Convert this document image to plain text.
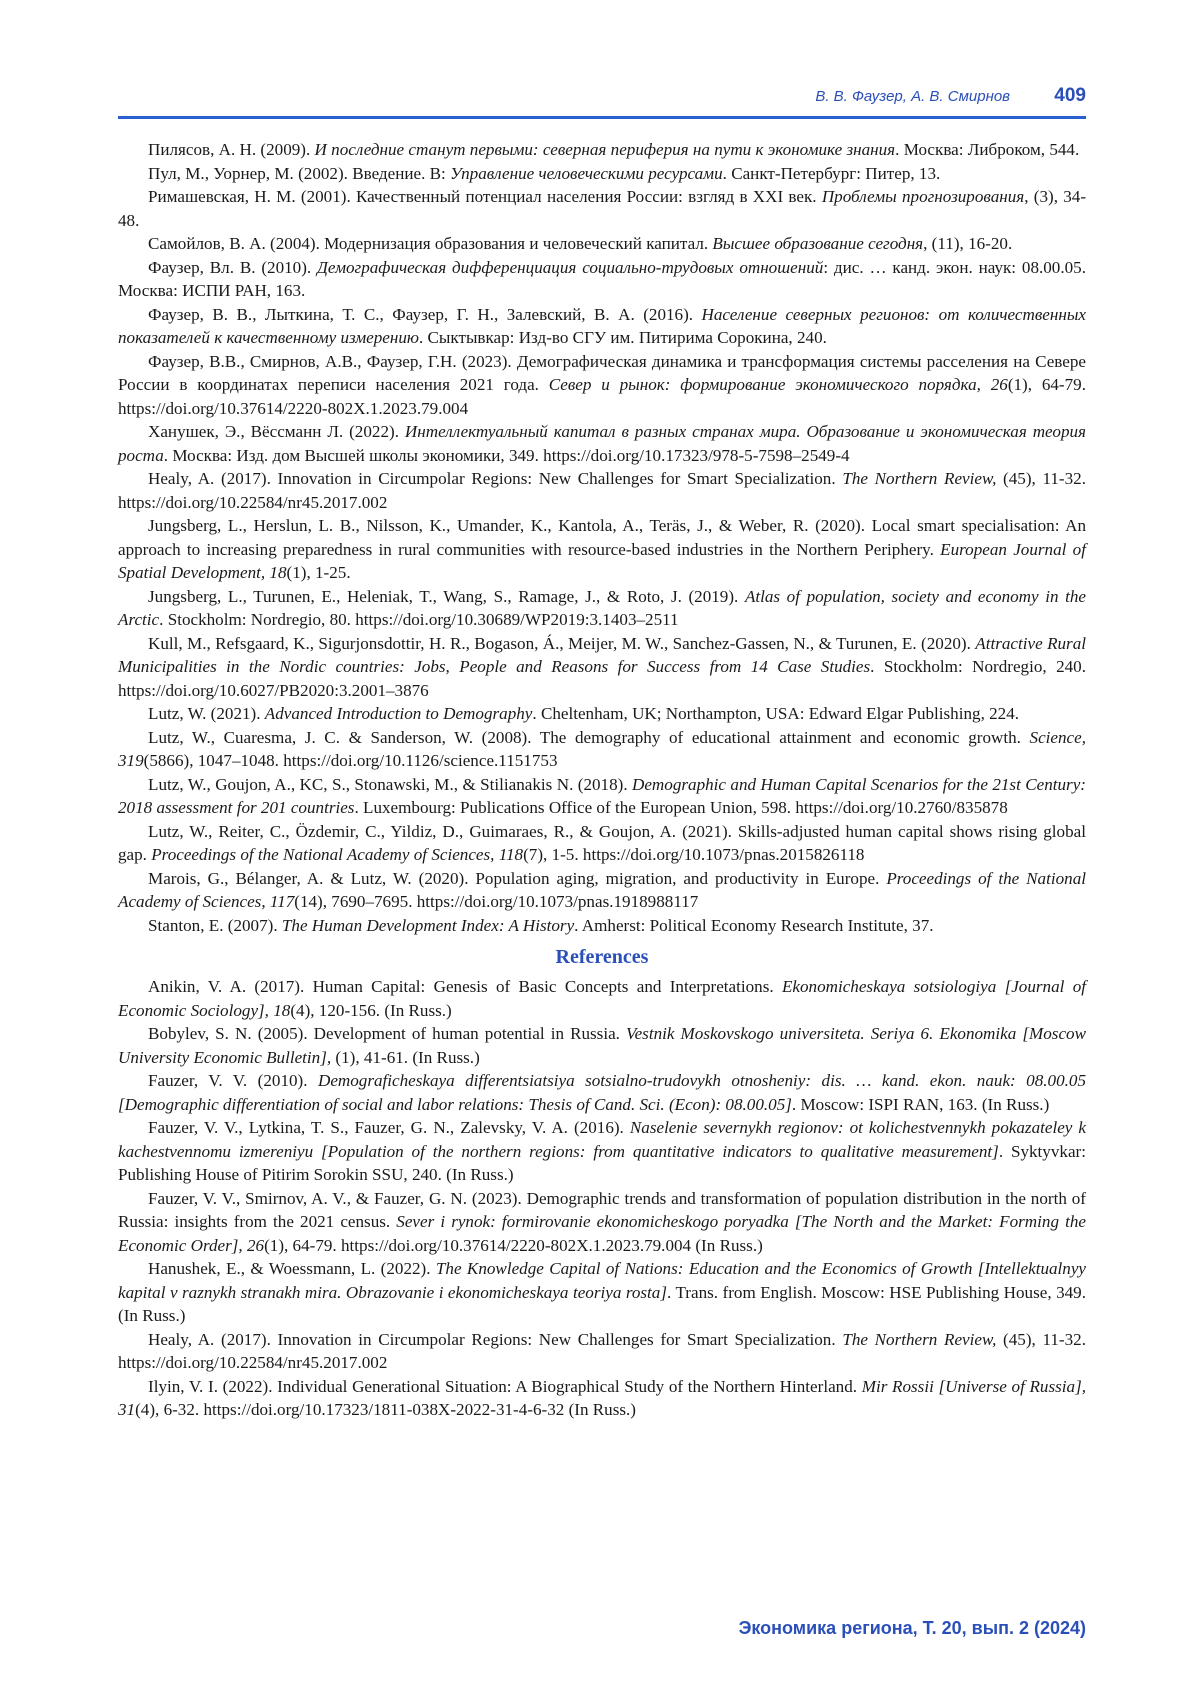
В. В. Фаузер, А. В. Смирнов 409

Пилясов, А. Н. (2009). И последние станут первыми: северная периферия на пути к экономике знания. Москва: Либроком, 544.

Пул, М., Уорнер, М. (2002). Введение. В: Управление человеческими ресурсами. Санкт-Петербург: Питер, 13.

Римашевская, Н. М. (2001). Качественный потенциал населения России: взгляд в XXI век. Проблемы прогнозирования, (3), 34-48.

Самойлов, В. А. (2004). Модернизация образования и человеческий капитал. Высшее образование сегодня, (11), 16-20.

Фаузер, Вл. В. (2010). Демографическая дифференциация социально-трудовых отношений: дис. … канд. экон. наук: 08.00.05. Москва: ИСПИ РАН, 163.

Фаузер, В. В., Лыткина, Т. С., Фаузер, Г. Н., Залевский, В. А. (2016). Население северных регионов: от количественных показателей к качественному измерению. Сыктывкар: Изд-во СГУ им. Питирима Сорокина, 240.

Фаузер, В.В., Смирнов, А.В., Фаузер, Г.Н. (2023). Демографическая динамика и трансформация системы расселения на Севере России в координатах переписи населения 2021 года. Север и рынок: формирование экономического порядка, 26(1), 64-79. https://doi.org/10.37614/2220-802X.1.2023.79.004

Ханушек, Э., Вёссманн Л. (2022). Интеллектуальный капитал в разных странах мира. Образование и экономическая теория роста. Москва: Изд. дом Высшей школы экономики, 349. https://doi.org/10.17323/978-5-7598–2549-4

Healy, A. (2017). Innovation in Circumpolar Regions: New Challenges for Smart Specialization. The Northern Review, (45), 11-32. https://doi.org/10.22584/nr45.2017.002

Jungsberg, L., Herslun, L. B., Nilsson, K., Umander, K., Kantola, A., Teräs, J., & Weber, R. (2020). Local smart specialisation: An approach to increasing preparedness in rural communities with resource-based industries in the Northern Periphery. European Journal of Spatial Development, 18(1), 1-25.

Jungsberg, L., Turunen, E., Heleniak, T., Wang, S., Ramage, J., & Roto, J. (2019). Atlas of population, society and economy in the Arctic. Stockholm: Nordregio, 80. https://doi.org/10.30689/WP2019:3.1403–2511

Kull, M., Refsgaard, K., Sigurjonsdottir, H. R., Bogason, Á., Meijer, M. W., Sanchez-Gassen, N., & Turunen, E. (2020). Attractive Rural Municipalities in the Nordic countries: Jobs, People and Reasons for Success from 14 Case Studies. Stockholm: Nordregio, 240. https://doi.org/10.6027/PB2020:3.2001–3876

Lutz, W. (2021). Advanced Introduction to Demography. Cheltenham, UK; Northampton, USA: Edward Elgar Publishing, 224.

Lutz, W., Cuaresma, J. C. & Sanderson, W. (2008). The demography of educational attainment and economic growth. Science, 319(5866), 1047–1048. https://doi.org/10.1126/science.1151753

Lutz, W., Goujon, A., KC, S., Stonawski, M., & Stilianakis N. (2018). Demographic and Human Capital Scenarios for the 21st Century: 2018 assessment for 201 countries. Luxembourg: Publications Office of the European Union, 598. https://doi.org/10.2760/835878

Lutz, W., Reiter, C., Özdemir, C., Yildiz, D., Guimaraes, R., & Goujon, A. (2021). Skills-adjusted human capital shows rising global gap. Proceedings of the National Academy of Sciences, 118(7), 1-5. https://doi.org/10.1073/pnas.2015826118

Marois, G., Bélanger, A. & Lutz, W. (2020). Population aging, migration, and productivity in Europe. Proceedings of the National Academy of Sciences, 117(14), 7690–7695. https://doi.org/10.1073/pnas.1918988117

Stanton, E. (2007). The Human Development Index: A History. Amherst: Political Economy Research Institute, 37.

References

Anikin, V. A. (2017). Human Capital: Genesis of Basic Concepts and Interpretations. Ekonomicheskaya sotsiologiya [Journal of Economic Sociology], 18(4), 120-156. (In Russ.)

Bobylev, S. N. (2005). Development of human potential in Russia. Vestnik Moskovskogo universiteta. Seriya 6. Ekonomika [Moscow University Economic Bulletin], (1), 41-61. (In Russ.)

Fauzer, V. V. (2010). Demograficheskaya differentsiatsiya sotsialno-trudovykh otnosheniy: dis. … kand. ekon. nauk: 08.00.05 [Demographic differentiation of social and labor relations: Thesis of Cand. Sci. (Econ): 08.00.05]. Moscow: ISPI RAN, 163. (In Russ.)

Fauzer, V. V., Lytkina, T. S., Fauzer, G. N., Zalevsky, V. A. (2016). Naselenie severnykh regionov: ot kolichestvennykh pokazateley k kachestvennomu izmereniyu [Population of the northern regions: from quantitative indicators to qualitative measurement]. Syktyvkar: Publishing House of Pitirim Sorokin SSU, 240. (In Russ.)

Fauzer, V. V., Smirnov, A. V., & Fauzer, G. N. (2023). Demographic trends and transformation of population distribution in the north of Russia: insights from the 2021 census. Sever i rynok: formirovanie ekonomicheskogo poryadka [The North and the Market: Forming the Economic Order], 26(1), 64-79. https://doi.org/10.37614/2220-802X.1.2023.79.004 (In Russ.)

Hanushek, E., & Woessmann, L. (2022). The Knowledge Capital of Nations: Education and the Economics of Growth [Intellektualnyy kapital v raznykh stranakh mira. Obrazovanie i ekonomicheskaya teoriya rosta]. Trans. from English. Moscow: HSE Publishing House, 349. (In Russ.)

Healy, A. (2017). Innovation in Circumpolar Regions: New Challenges for Smart Specialization. The Northern Review, (45), 11-32. https://doi.org/10.22584/nr45.2017.002

Ilyin, V. I. (2022). Individual Generational Situation: A Biographical Study of the Northern Hinterland. Mir Rossii [Universe of Russia], 31(4), 6-32. https://doi.org/10.17323/1811-038X-2022-31-4-6-32 (In Russ.)

Экономика региона, Т. 20, вып. 2 (2024)
